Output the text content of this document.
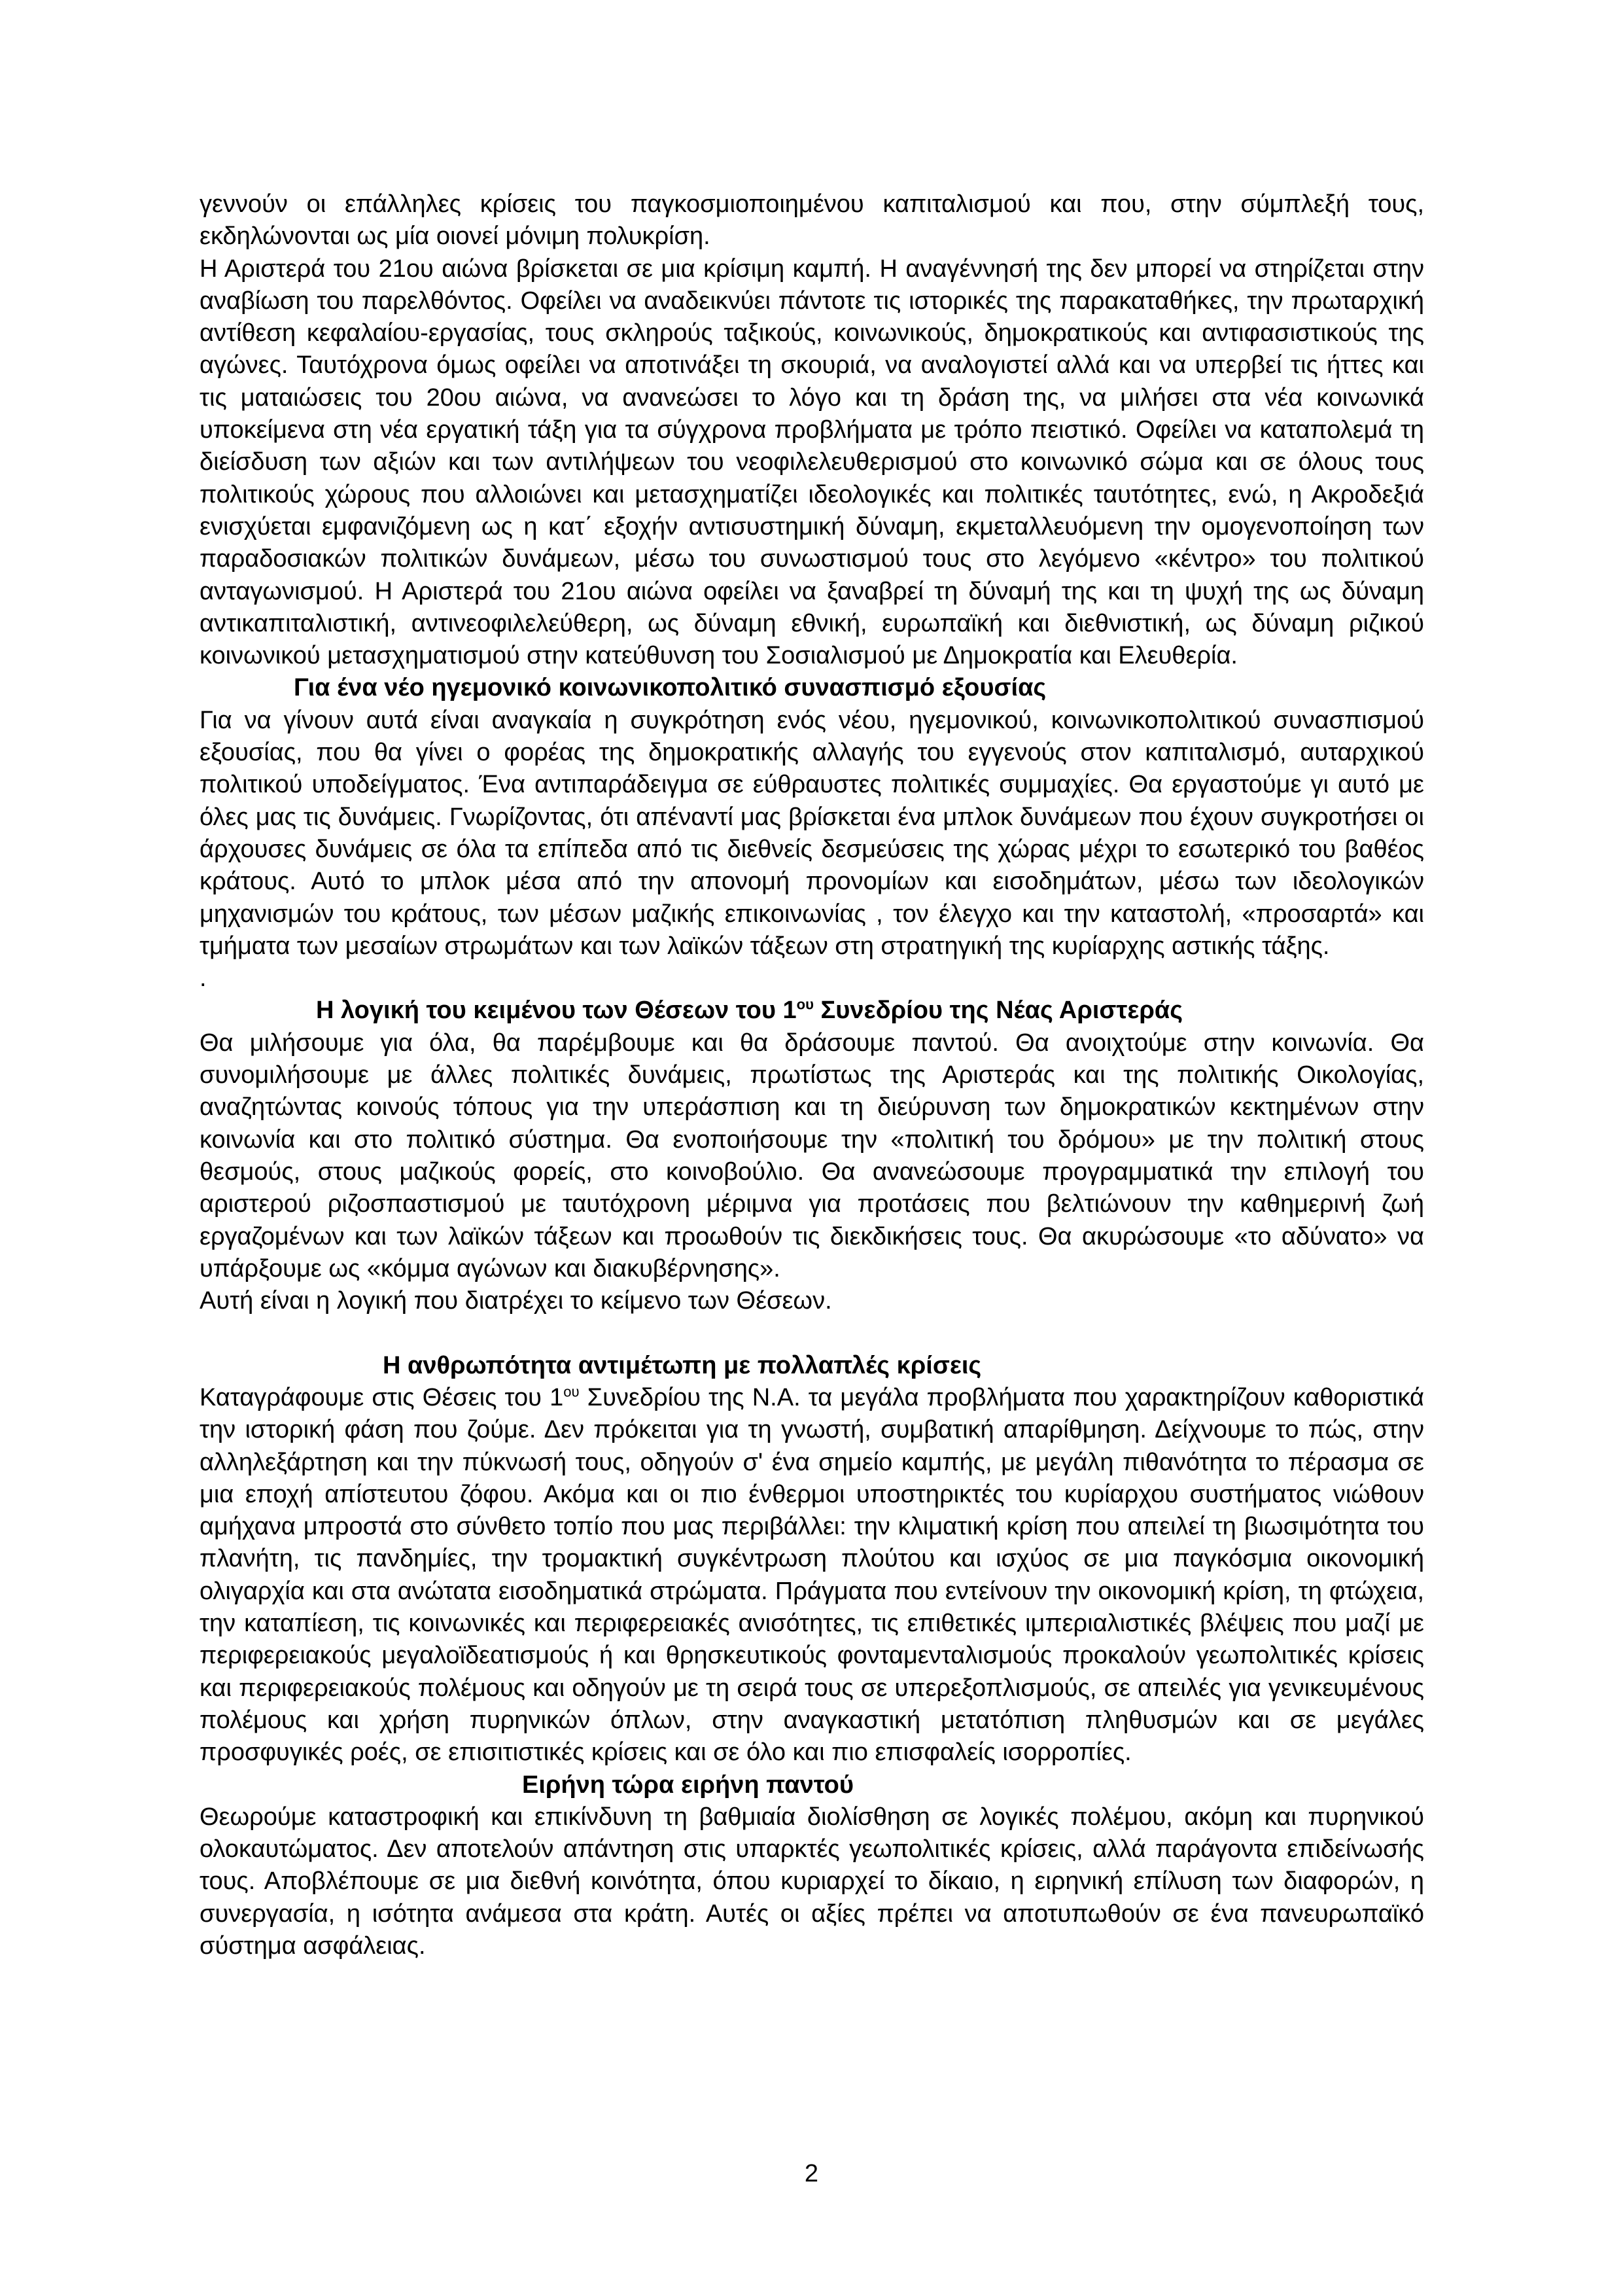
γεννούν οι επάλληλες κρίσεις του παγκοσμιοποιημένου καπιταλισμού και που, στην σύμπλεξή τους, εκδηλώνονται ως μία οιονεί μόνιμη πολυκρίση.

Η Αριστερά του 21ου αιώνα βρίσκεται σε μια κρίσιμη καμπή. Η αναγέννησή της δεν μπορεί να στηρίζεται στην αναβίωση του παρελθόντος. Οφείλει να αναδεικνύει πάντοτε τις ιστορικές της παρακαταθήκες, την πρωταρχική αντίθεση κεφαλαίου-εργασίας, τους σκληρούς ταξικούς, κοινωνικούς, δημοκρατικούς και αντιφασιστικούς της αγώνες. Ταυτόχρονα όμως οφείλει να αποτινάξει τη σκουριά, να αναλογιστεί αλλά και να υπερβεί τις ήττες και τις ματαιώσεις του 20ου αιώνα, να ανανεώσει το λόγο και τη δράση της, να μιλήσει στα νέα κοινωνικά υποκείμενα στη νέα εργατική τάξη για τα σύγχρονα προβλήματα με τρόπο πειστικό. Οφείλει να καταπολεμά τη διείσδυση των αξιών και των αντιλήψεων του νεοφιλελευθερισμού στο κοινωνικό σώμα και σε όλους τους πολιτικούς χώρους που αλλοιώνει και μετασχηματίζει ιδεολογικές και πολιτικές ταυτότητες, ενώ, η Ακροδεξιά ενισχύεται εμφανιζόμενη ως η κατ΄ εξοχήν αντισυστημική δύναμη, εκμεταλλευόμενη την ομογενοποίηση των παραδοσιακών πολιτικών δυνάμεων, μέσω του συνωστισμού τους στο λεγόμενο «κέντρο» του πολιτικού ανταγωνισμού. Η Αριστερά του 21ου αιώνα οφείλει να ξαναβρεί τη δύναμή της και τη ψυχή της ως δύναμη αντικαπιταλιστική, αντινεοφιλελεύθερη, ως δύναμη εθνική, ευρωπαϊκή και διεθνιστική, ως δύναμη ριζικού κοινωνικού μετασχηματισμού στην κατεύθυνση του Σοσιαλισμού με Δημοκρατία και Ελευθερία.

Για ένα νέο ηγεμονικό κοινωνικοπολιτικό συνασπισμό εξουσίας

Για να γίνουν αυτά είναι αναγκαία η συγκρότηση ενός νέου, ηγεμονικού, κοινωνικοπολιτικού συνασπισμού εξουσίας, που θα γίνει ο φορέας της δημοκρατικής αλλαγής του εγγενούς στον καπιταλισμό, αυταρχικού πολιτικού υποδείγματος. Ένα αντιπαράδειγμα σε εύθραυστες πολιτικές συμμαχίες. Θα εργαστούμε γι αυτό με όλες μας τις δυνάμεις. Γνωρίζοντας, ότι απέναντί μας βρίσκεται ένα μπλοκ δυνάμεων που έχουν συγκροτήσει οι άρχουσες δυνάμεις σε όλα τα επίπεδα από τις διεθνείς δεσμεύσεις της χώρας μέχρι το εσωτερικό του βαθέος κράτους. Αυτό το μπλοκ μέσα από την απονομή προνομίων και εισοδημάτων, μέσω των ιδεολογικών μηχανισμών του κράτους, των μέσων μαζικής επικοινωνίας , τον έλεγχο και την καταστολή, «προσαρτά» και τμήματα των μεσαίων στρωμάτων και των λαϊκών τάξεων στη στρατηγική της κυρίαρχης αστικής τάξης.

.

Η λογική του κειμένου των Θέσεων του $1^{o\upsilon}$ Συνεδρίου της Νέας Αριστεράς

Θα μιλήσουμε για όλα, θα παρέμβουμε και θα δράσουμε παντού. Θα ανοιχτούμε στην κοινωνία. Θα συνομιλήσουμε με άλλες πολιτικές δυνάμεις, πρωτίστως της Αριστεράς και της πολιτικής Οικολογίας, αναζητώντας κοινούς τόπους για την υπεράσπιση και τη διεύρυνση των δημοκρατικών κεκτημένων στην κοινωνία και στο πολιτικό σύστημα. Θα ενοποιήσουμε την «πολιτική του δρόμου» με την πολιτική στους θεσμούς, στους μαζικούς φορείς, στο κοινοβούλιο. Θα ανανεώσουμε προγραμματικά την επιλογή του αριστερού ριζοσπαστισμού με ταυτόχρονη μέριμνα για προτάσεις που βελτιώνουν την καθημερινή ζωή εργαζομένων και των λαϊκών τάξεων και προωθούν τις διεκδικήσεις τους. Θα ακυρώσουμε «το αδύνατο» να υπάρξουμε ως «κόμμα αγώνων και διακυβέρνησης».

Αυτή είναι η λογική που διατρέχει το κείμενο των Θέσεων.

Η ανθρωπότητα αντιμέτωπη με πολλαπλές κρίσεις

Καταγράφουμε στις Θέσεις του $1^{o\upsilon}$ Συνεδρίου της Ν.Α. τα μεγάλα προβλήματα που χαρακτηρίζουν καθοριστικά την ιστορική φάση που ζούμε. Δεν πρόκειται για τη γνωστή, συμβατική απαρίθμηση. Δείχνουμε το πώς, στην αλληλεξάρτηση και την πύκνωσή τους, οδηγούν σ' ένα σημείο καμπής, με μεγάλη πιθανότητα το πέρασμα σε μια εποχή απίστευτου ζόφου. Ακόμα και οι πιο ένθερμοι υποστηρικτές του κυρίαρχου συστήματος νιώθουν αμήχανα μπροστά στο σύνθετο τοπίο που μας περιβάλλει: την κλιματική κρίση που απειλεί τη βιωσιμότητα του πλανήτη, τις πανδημίες, την τρομακτική συγκέντρωση πλούτου και ισχύος σε μια παγκόσμια οικονομική ολιγαρχία και στα ανώτατα εισοδηματικά στρώματα. Πράγματα που εντείνουν την οικονομική κρίση, τη φτώχεια, την καταπίεση, τις κοινωνικές και περιφερειακές ανισότητες, τις επιθετικές ιμπεριαλιστικές βλέψεις που μαζί με περιφερειακούς μεγαλοϊδεατισμούς ή και θρησκευτικούς φονταμενταλισμούς προκαλούν γεωπολιτικές κρίσεις και περιφερειακούς πολέμους και οδηγούν με τη σειρά τους σε υπερεξοπλισμούς, σε απειλές για γενικευμένους πολέμους και χρήση πυρηνικών όπλων, στην αναγκαστική μετατόπιση πληθυσμών και σε μεγάλες προσφυγικές ροές, σε επισιτιστικές κρίσεις και σε όλο και πιο επισφαλείς ισορροπίες.

Ειρήνη τώρα ειρήνη παντού

Θεωρούμε καταστροφική και επικίνδυνη τη βαθμιαία διολίσθηση σε λογικές πολέμου, ακόμη και πυρηνικού ολοκαυτώματος. Δεν αποτελούν απάντηση στις υπαρκτές γεωπολιτικές κρίσεις, αλλά παράγοντα επιδείνωσής τους. Αποβλέπουμε σε μια διεθνή κοινότητα, όπου κυριαρχεί το δίκαιο, η ειρηνική επίλυση των διαφορών, η συνεργασία, η ισότητα ανάμεσα στα κράτη. Αυτές οι αξίες πρέπει να αποτυπωθούν σε ένα πανευρωπαϊκό σύστημα ασφάλειας.

2
